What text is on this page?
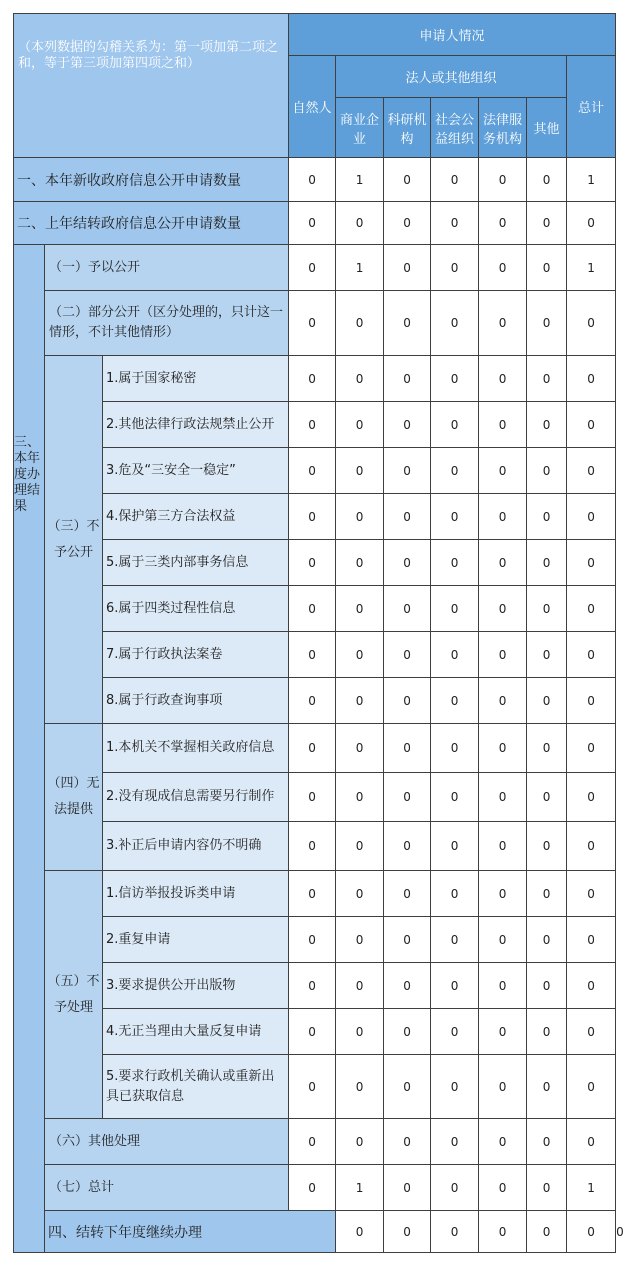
（本列数据的勾稽关系为：第一项加第二项之和，等于第三项加第四项之和）			申请人情况							
			自然人	法人或其他组织					总计	
				商业企业	科研机构	社会公益组织	法律服务机构	其他		
一、本年新收政府信息公开申请数量			0	1	0	0	0	0	1	
二、上年结转政府信息公开申请数量			0	0	0	0	0	0	0	
三、本年度办理结果	（一）予以公开		0	1	0	0	0	0	1	
	（二）部分公开（区分处理的，只计这一情形，不计其他情形）		0	0	0	0	0	0	0	
	（三）不予公开	1.属于国家秘密	0	0	0	0	0	0	0	
		2.其他法律行政法规禁止公开	0	0	0	0	0	0	0	
		3.危及“三安全一稳定”	0	0	0	0	0	0	0	
		4.保护第三方合法权益	0	0	0	0	0	0	0	
		5.属于三类内部事务信息	0	0	0	0	0	0	0	
		6.属于四类过程性信息	0	0	0	0	0	0	0	
		7.属于行政执法案卷	0	0	0	0	0	0	0	
		8.属于行政查询事项	0	0	0	0	0	0	0	
	（四）无法提供	1.本机关不掌握相关政府信息	0	0	0	0	0	0	0	
		2.没有现成信息需要另行制作	0	0	0	0	0	0	0	
		3.补正后申请内容仍不明确	0	0	0	0	0	0	0	
	（五）不予处理	1.信访举报投诉类申请	0	0	0	0	0	0	0	
		2.重复申请	0	0	0	0	0	0	0	
		3.要求提供公开出版物	0	0	0	0	0	0	0	
		4.无正当理由大量反复申请	0	0	0	0	0	0	0	
		5.要求行政机关确认或重新出具已获取信息	0	0	0	0	0	0	0	
	（六）其他处理		0	0	0	0	0	0	0	
	（七）总计		0	1	0	0	0	0	1	
	四、结转下年度继续办理			0	0	0	0	0	0	0
